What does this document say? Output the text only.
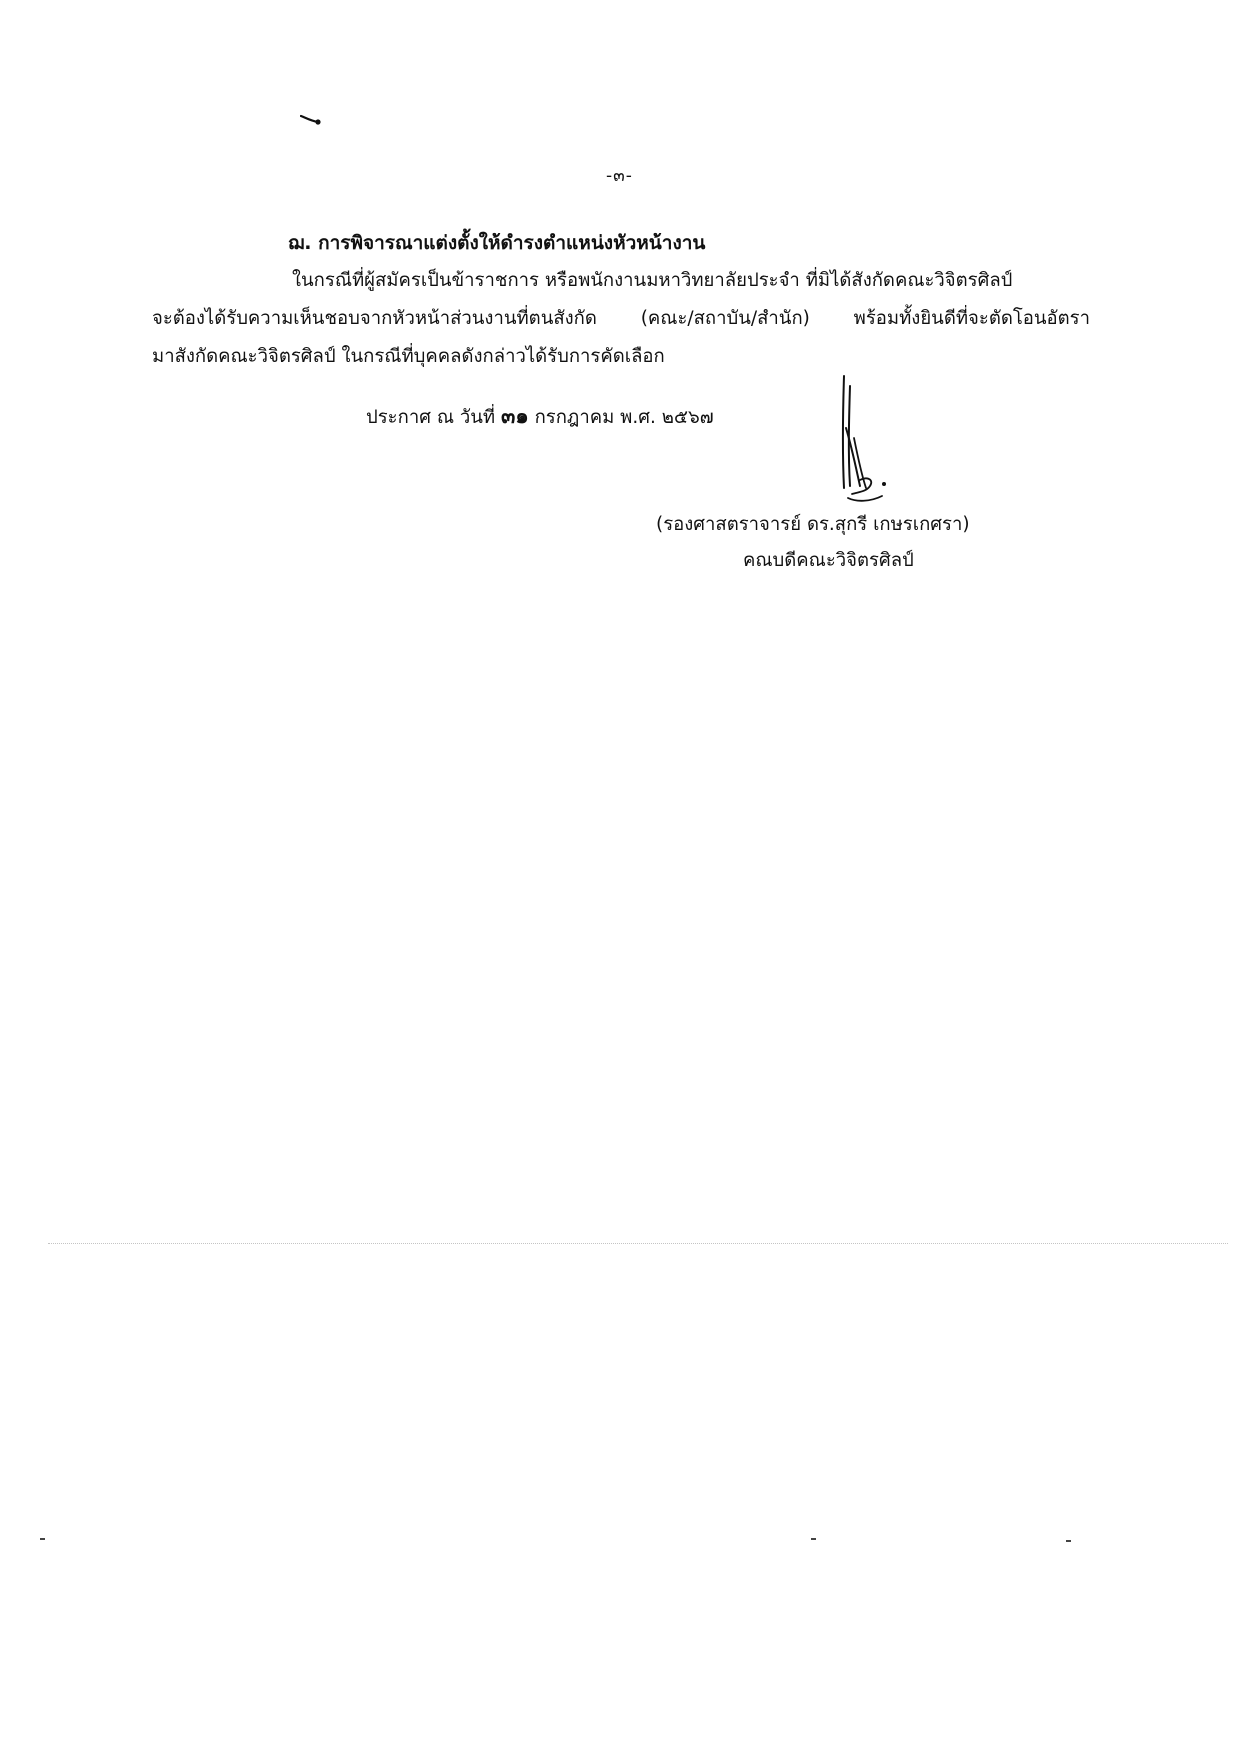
-๓-
ฌ. การพิจารณาแต่งตั้งให้ดำรงตำแหน่งหัวหน้างาน
ในกรณีที่ผู้สมัครเป็นข้าราชการ หรือพนักงานมหาวิทยาลัยประจำ ที่มิได้สังกัดคณะวิจิตรศิลป์
จะต้องได้รับความเห็นชอบจากหัวหน้าส่วนงานที่ตนสังกัด (คณะ/สถาบัน/สำนัก) พร้อมทั้งยินดีที่จะตัดโอนอัตรา
มาสังกัดคณะวิจิตรศิลป์ ในกรณีที่บุคคลดังกล่าวได้รับการคัดเลือก
ประกาศ ณ วันที่ ๓๑ กรกฎาคม พ.ศ. ๒๕๖๗
(รองศาสตราจารย์ ดร.สุกรี เกษรเกศรา)
คณบดีคณะวิจิตรศิลป์
